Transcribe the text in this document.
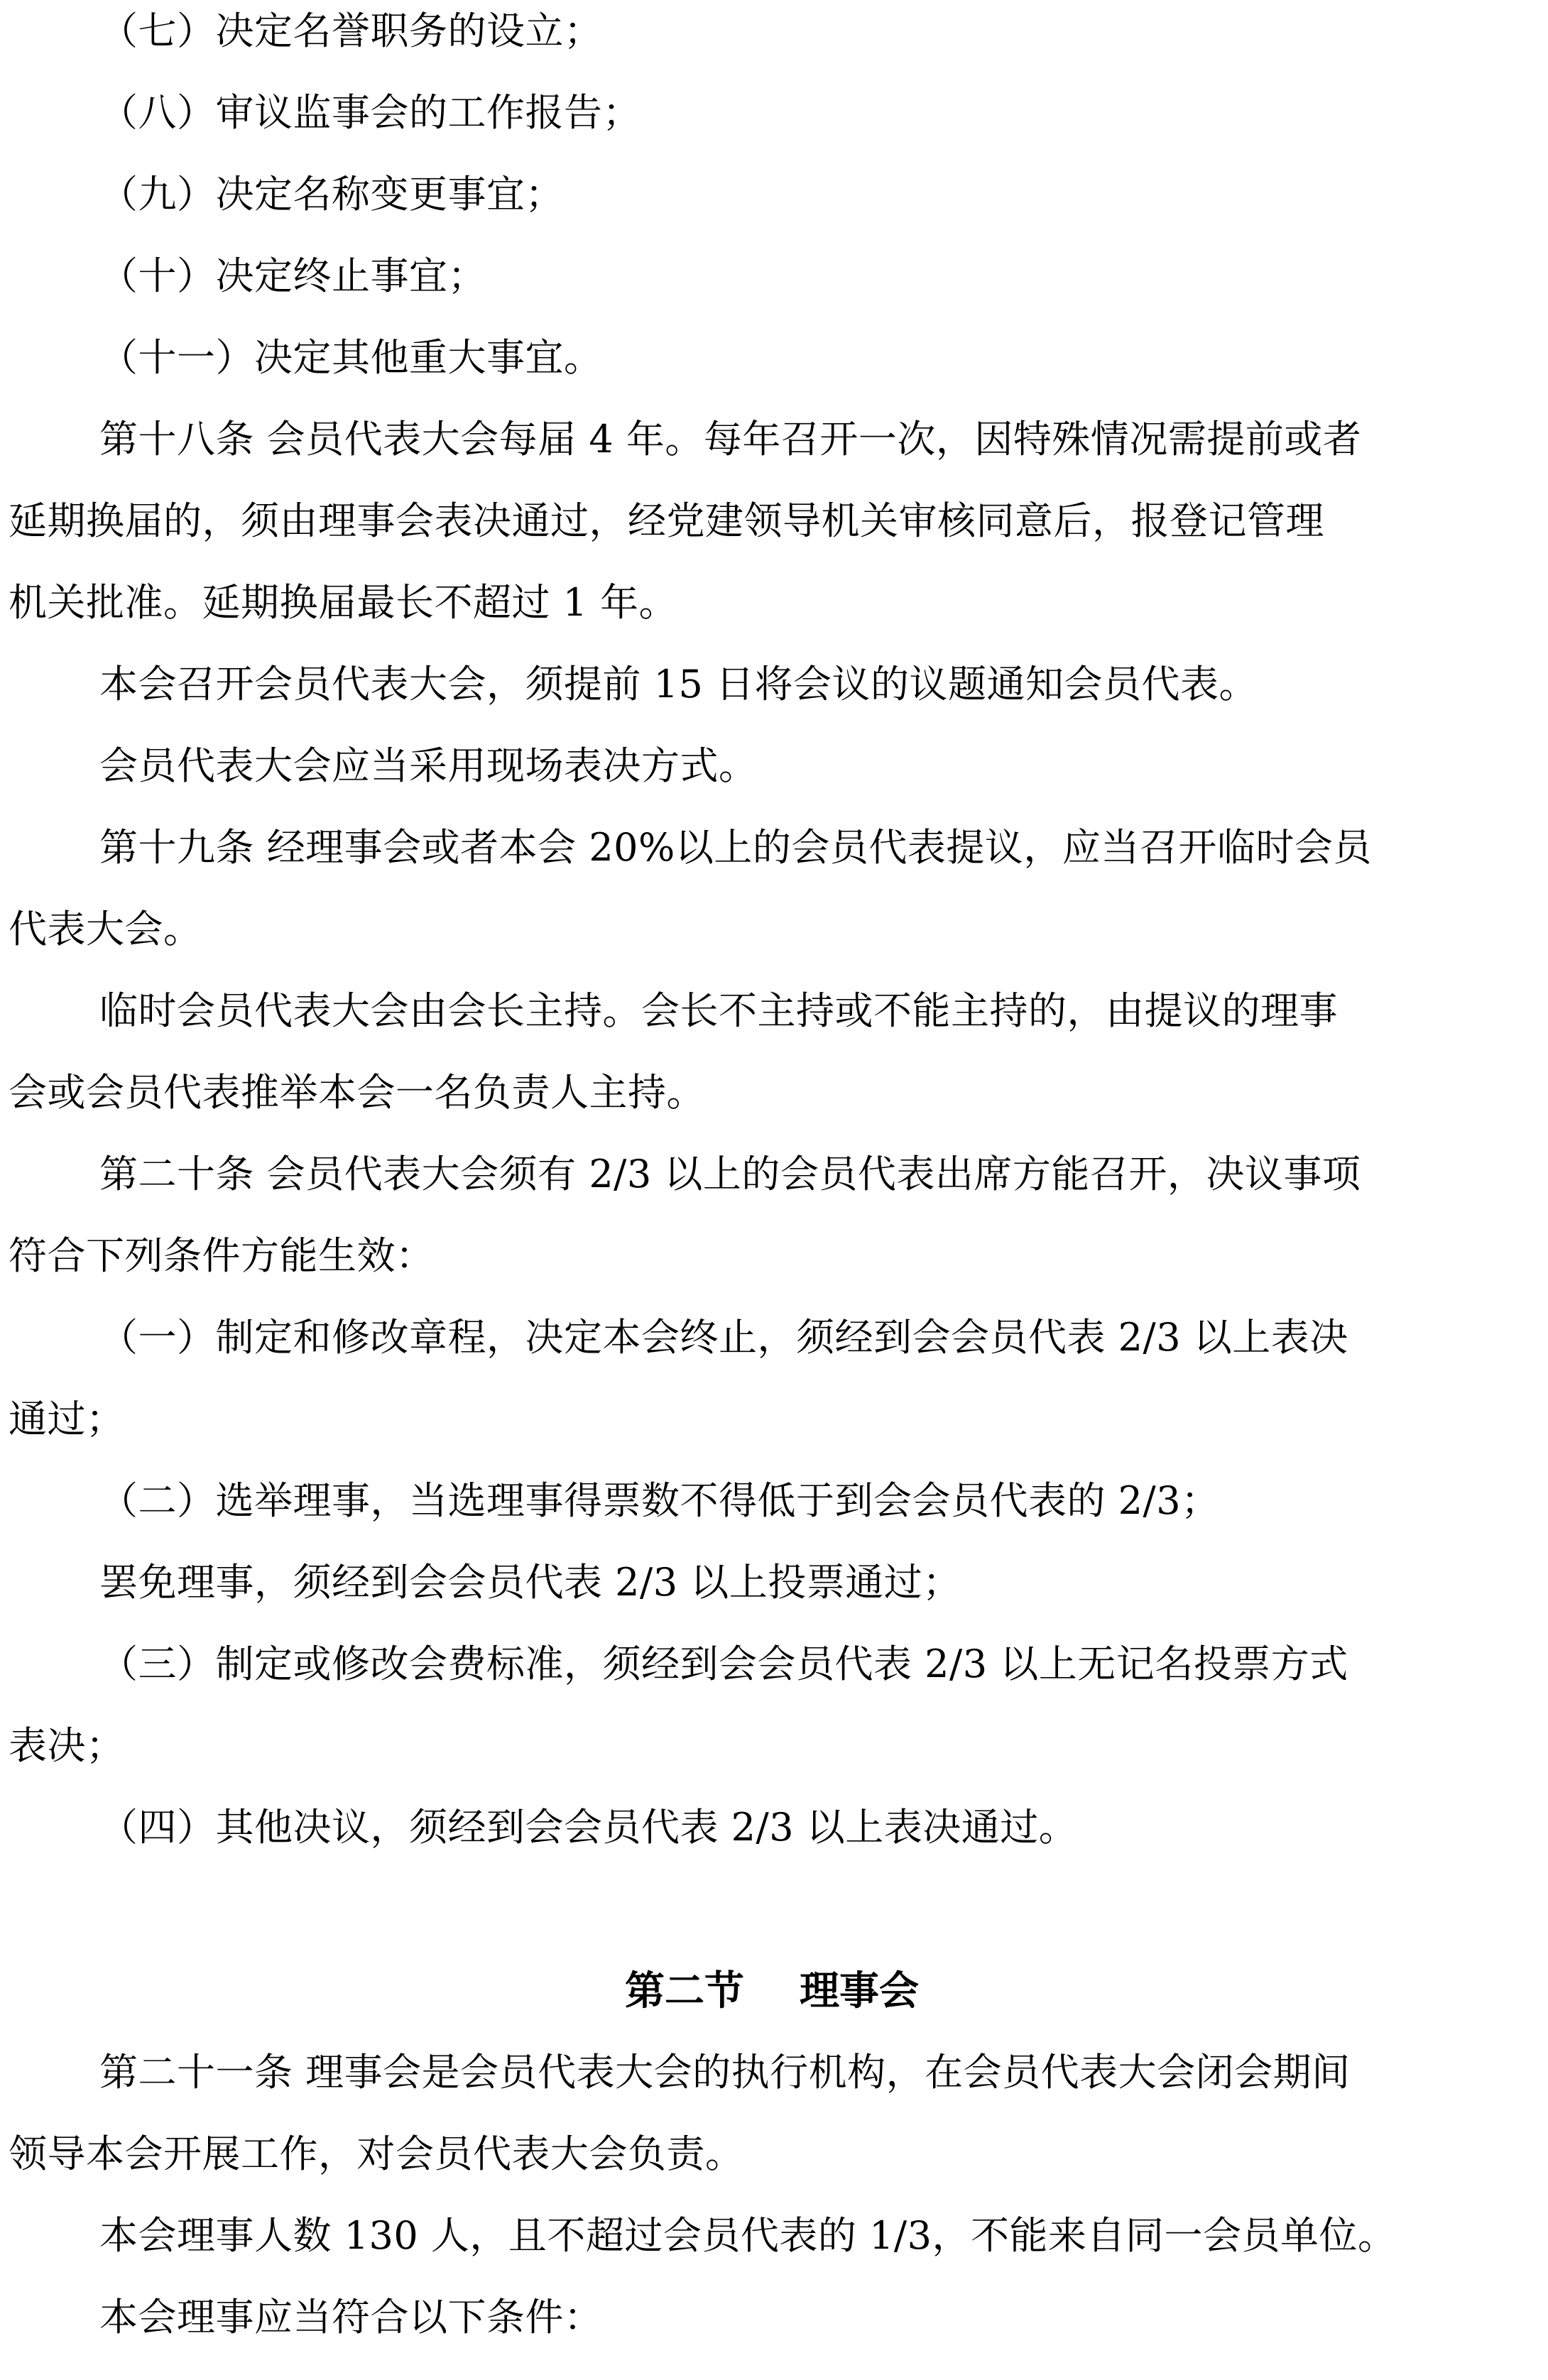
（七）决定名誉职务的设立；
（八）审议监事会的工作报告；
（九）决定名称变更事宜；
（十）决定终止事宜；
（十一）决定其他重大事宜。
第十八条 会员代表大会每届 4 年。每年召开一次，因特殊情况需提前或者
延期换届的，须由理事会表决通过，经党建领导机关审核同意后，报登记管理
机关批准。延期换届最长不超过 1 年。
本会召开会员代表大会，须提前 15 日将会议的议题通知会员代表。
会员代表大会应当采用现场表决方式。
第十九条 经理事会或者本会 20%以上的会员代表提议，应当召开临时会员
代表大会。
临时会员代表大会由会长主持。会长不主持或不能主持的，由提议的理事
会或会员代表推举本会一名负责人主持。
第二十条 会员代表大会须有 2/3 以上的会员代表出席方能召开，决议事项
符合下列条件方能生效：
（一）制定和修改章程，决定本会终止，须经到会会员代表 2/3 以上表决
通过；
（二）选举理事，当选理事得票数不得低于到会会员代表的 2/3；
罢免理事，须经到会会员代表 2/3 以上投票通过；
（三）制定或修改会费标准，须经到会会员代表 2/3 以上无记名投票方式
表决；
（四）其他决议，须经到会会员代表 2/3 以上表决通过。
第二节    理事会
第二十一条 理事会是会员代表大会的执行机构，在会员代表大会闭会期间
领导本会开展工作，对会员代表大会负责。
本会理事人数 130 人，且不超过会员代表的 1/3，不能来自同一会员单位。
本会理事应当符合以下条件：
